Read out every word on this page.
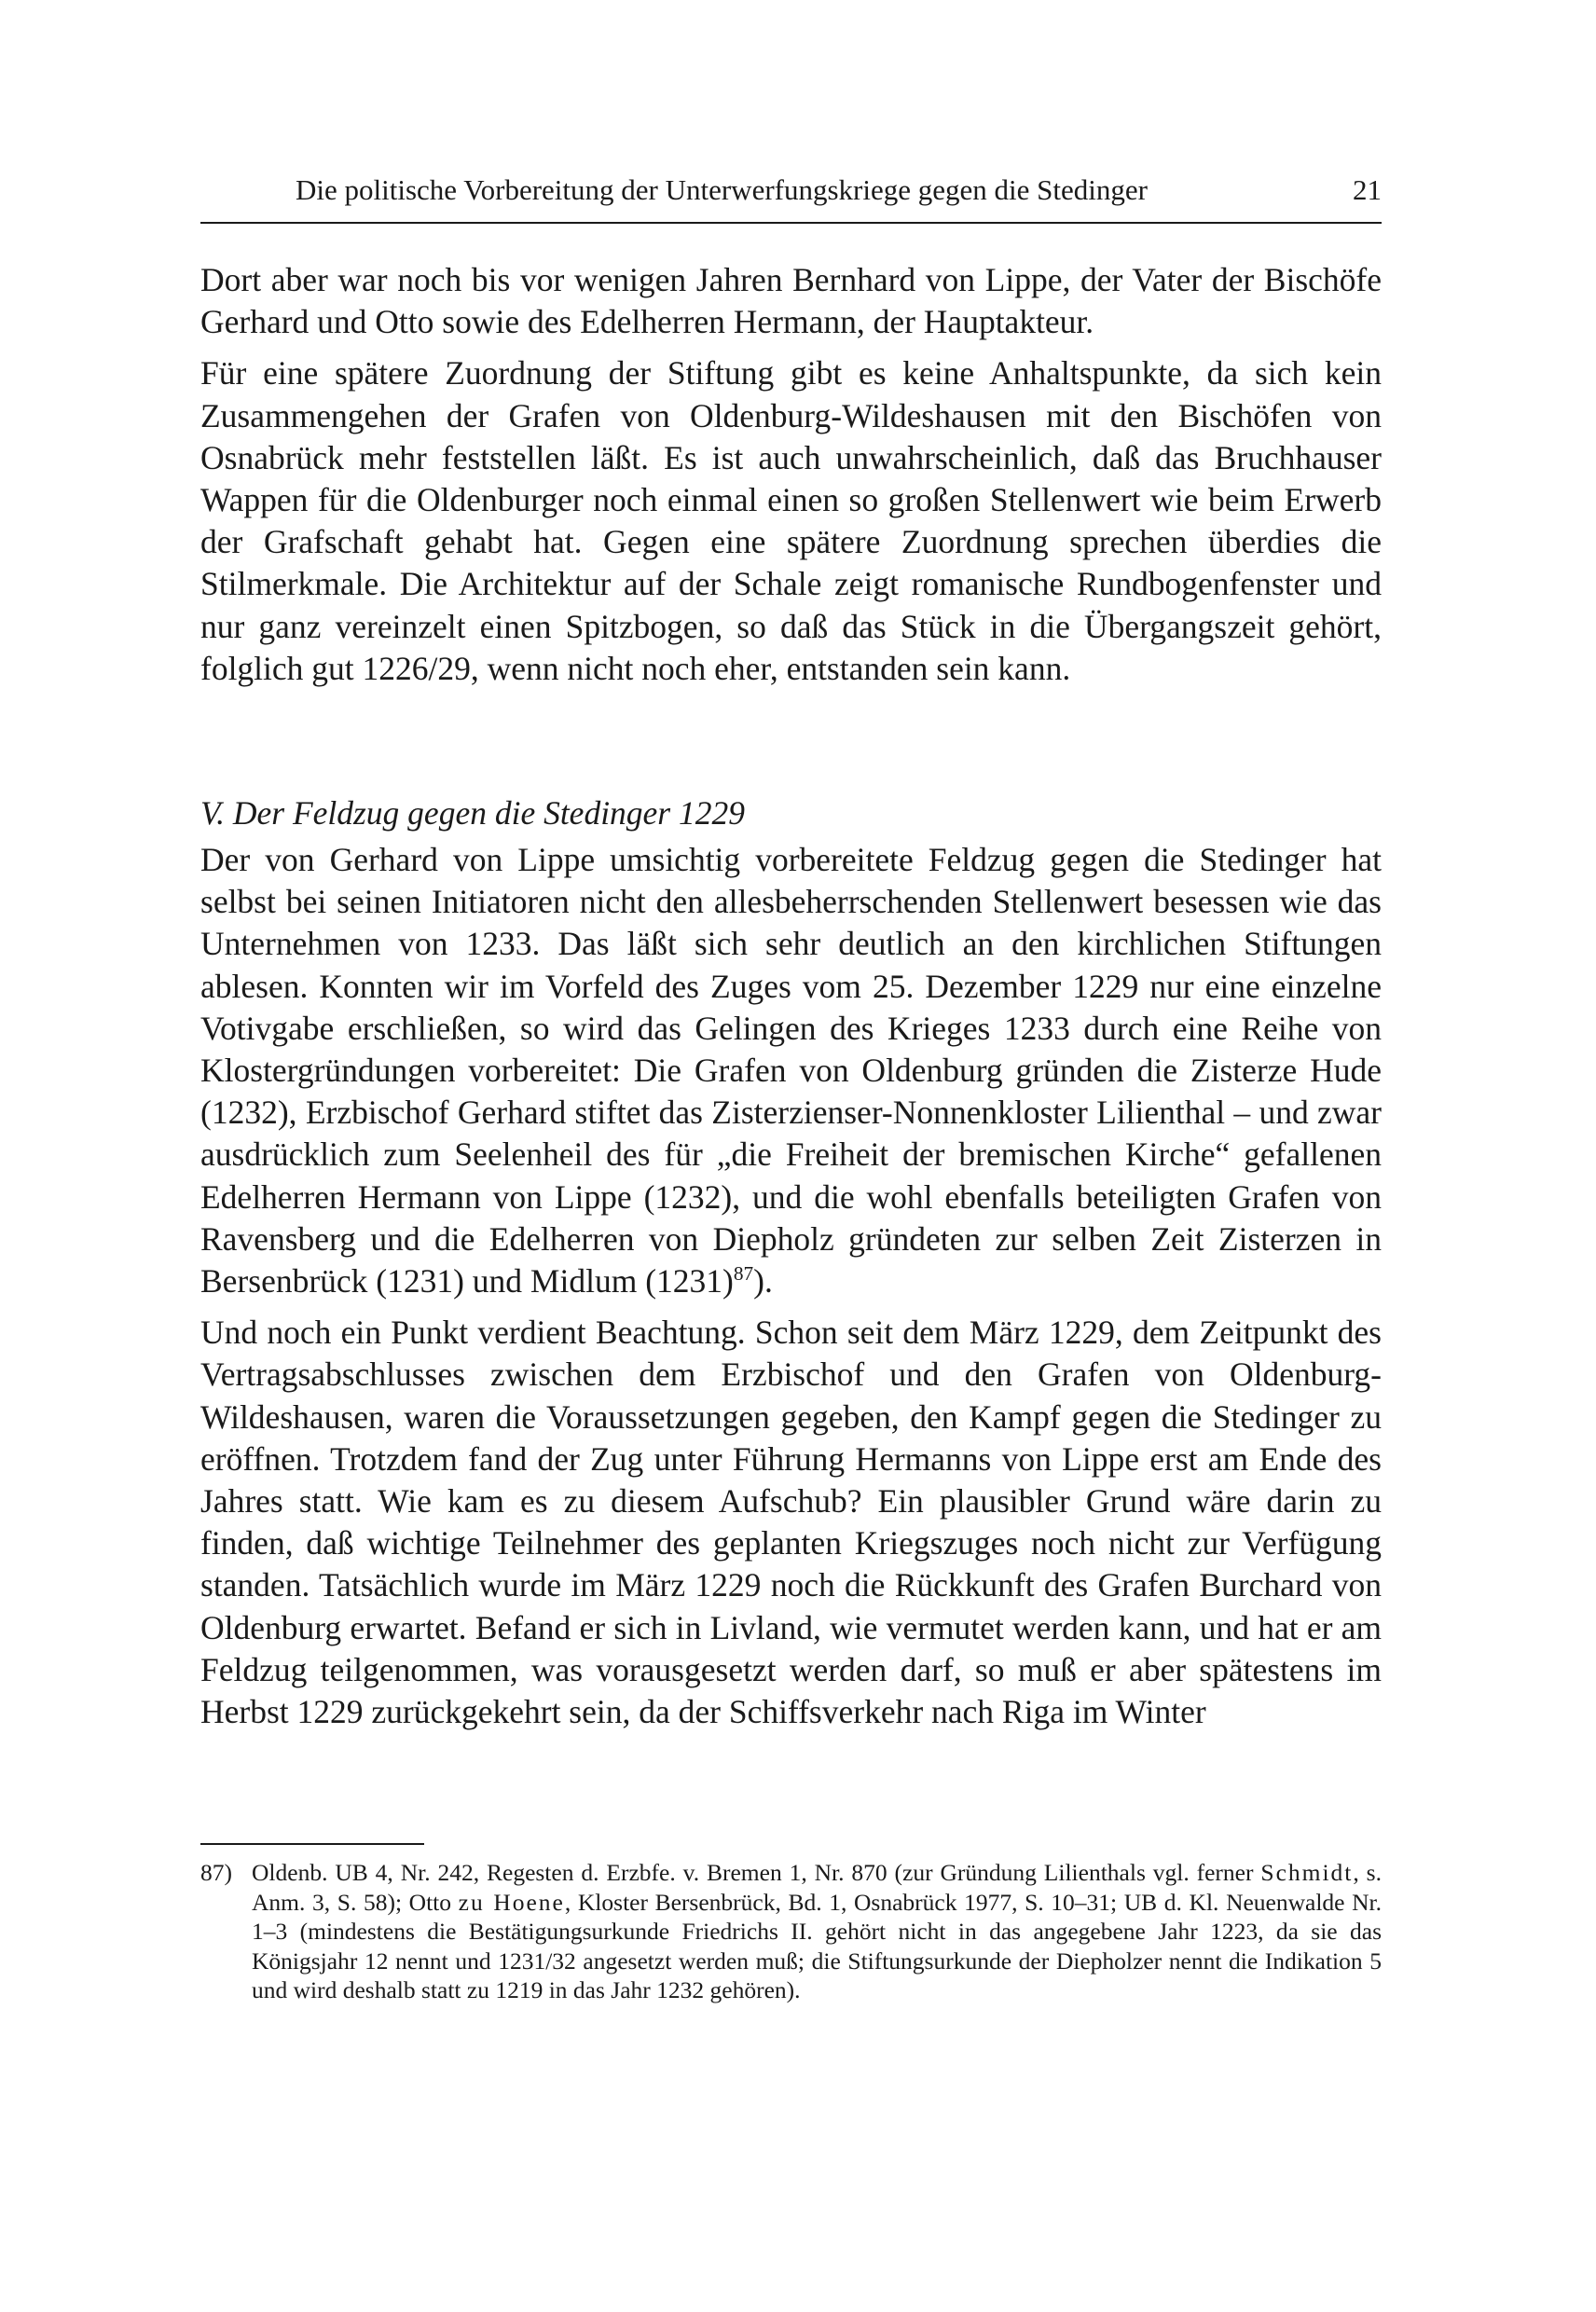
Die politische Vorbereitung der Unterwerfungskriege gegen die Stedinger	21

Dort aber war noch bis vor wenigen Jahren Bernhard von Lippe, der Vater der Bischöfe Gerhard und Otto sowie des Edelherren Hermann, der Hauptakteur.

Für eine spätere Zuordnung der Stiftung gibt es keine Anhaltspunkte, da sich kein Zusammengehen der Grafen von Oldenburg-Wildeshausen mit den Bischöfen von Osnabrück mehr feststellen läßt. Es ist auch unwahrscheinlich, daß das Bruchhauser Wappen für die Oldenburger noch einmal einen so großen Stellenwert wie beim Erwerb der Grafschaft gehabt hat. Gegen eine spätere Zuordnung sprechen überdies die Stilmerkmale. Die Architektur auf der Schale zeigt romanische Rundbogenfenster und nur ganz vereinzelt einen Spitzbogen, so daß das Stück in die Übergangszeit gehört, folglich gut 1226/29, wenn nicht noch eher, entstanden sein kann.

V. Der Feldzug gegen die Stedinger 1229

Der von Gerhard von Lippe umsichtig vorbereitete Feldzug gegen die Stedinger hat selbst bei seinen Initiatoren nicht den allesbeherrschenden Stellenwert besessen wie das Unternehmen von 1233. Das läßt sich sehr deutlich an den kirchlichen Stiftungen ablesen. Konnten wir im Vorfeld des Zuges vom 25. Dezember 1229 nur eine einzelne Votivgabe erschließen, so wird das Gelingen des Krieges 1233 durch eine Reihe von Klostergründungen vorbereitet: Die Grafen von Oldenburg gründen die Zisterze Hude (1232), Erzbischof Gerhard stiftet das Zisterzienser-Nonnenkloster Lilienthal – und zwar ausdrücklich zum Seelenheil des für „die Freiheit der bremischen Kirche“ gefallenen Edelherren Hermann von Lippe (1232), und die wohl ebenfalls beteiligten Grafen von Ravensberg und die Edelherren von Diepholz gründeten zur selben Zeit Zisterzen in Bersenbrück (1231) und Midlum $(1231)^{87}$).

Und noch ein Punkt verdient Beachtung. Schon seit dem März 1229, dem Zeitpunkt des Vertragsabschlusses zwischen dem Erzbischof und den Grafen von Oldenburg-Wildeshausen, waren die Voraussetzungen gegeben, den Kampf gegen die Stedinger zu eröffnen. Trotzdem fand der Zug unter Führung Hermanns von Lippe erst am Ende des Jahres statt. Wie kam es zu diesem Aufschub? Ein plausibler Grund wäre darin zu finden, daß wichtige Teilnehmer des geplanten Kriegszuges noch nicht zur Verfügung standen. Tatsächlich wurde im März 1229 noch die Rückkunft des Grafen Burchard von Oldenburg erwartet. Befand er sich in Livland, wie vermutet werden kann, und hat er am Feldzug teilgenommen, was vorausgesetzt werden darf, so muß er aber spätestens im Herbst 1229 zurückgekehrt sein, da der Schiffsverkehr nach Riga im Winter

87) Oldenb. UB 4, Nr. 242, Regesten d. Erzbfe. v. Bremen 1, Nr. 870 (zur Gründung Lilienthals vgl. ferner Schmidt, s. Anm. 3, S. 58); Otto zu Hoene, Kloster Bersenbrück, Bd. 1, Osnabrück 1977, S. 10–31; UB d. Kl. Neuenwalde Nr. 1–3 (mindestens die Bestätigungsurkunde Friedrichs II. gehört nicht in das angegebene Jahr 1223, da sie das Königsjahr 12 nennt und 1231/32 angesetzt werden muß; die Stiftungsurkunde der Diepholzer nennt die Indikation 5 und wird deshalb statt zu 1219 in das Jahr 1232 gehören).
